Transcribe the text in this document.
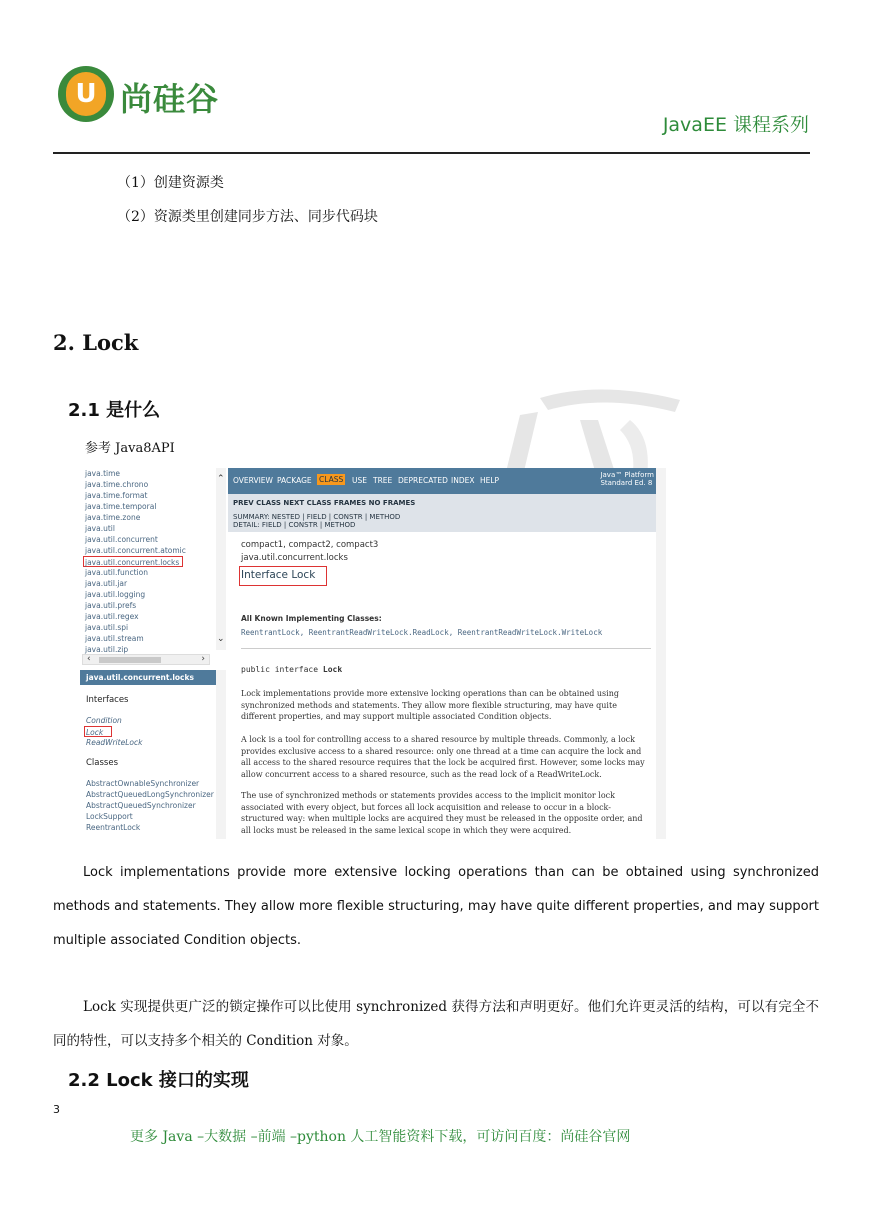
U 尚硅谷
JavaEE 课程系列
（1）创建资源类
（2）资源类里创建同步方法、同步代码块
2. Lock
2.1 是什么
参考 Java8API
java.time
java.time.chrono
java.time.format
java.time.temporal
java.time.zone
java.util
java.util.concurrent
java.util.concurrent.atomic
java.util.concurrent.locks
java.util.function
java.util.jar
java.util.logging
java.util.prefs
java.util.regex
java.util.spi
java.util.stream
java.util.zip
⌃
⌄
‹	›
java.util.concurrent.locks
Interfaces
Condition
Lock
ReadWriteLock
Classes
AbstractOwnableSynchronizer
AbstractQueuedLongSynchronizer
AbstractQueuedSynchronizer
LockSupport
ReentrantLock
OVERVIEW PACKAGE CLASS USE TREE DEPRECATED INDEX HELP
Java™ Platform
Standard Ed. 8
PREV CLASS NEXT CLASS FRAMES NO FRAMES
SUMMARY: NESTED | FIELD | CONSTR | METHOD
DETAIL: FIELD | CONSTR | METHOD
compact1, compact2, compact3
java.util.concurrent.locks
Interface Lock
All Known Implementing Classes:
ReentrantLock, ReentrantReadWriteLock.ReadLock, ReentrantReadWriteLock.WriteLock
public interface Lock
Lock implementations provide more extensive locking operations than can be obtained using synchronized methods and statements. They allow more flexible structuring, may have quite different properties, and may support multiple associated Condition objects.
A lock is a tool for controlling access to a shared resource by multiple threads. Commonly, a lock provides exclusive access to a shared resource: only one thread at a time can acquire the lock and all access to the shared resource requires that the lock be acquired first. However, some locks may allow concurrent access to a shared resource, such as the read lock of a ReadWriteLock.
The use of synchronized methods or statements provides access to the implicit monitor lock associated with every object, but forces all lock acquisition and release to occur in a block-structured way: when multiple locks are acquired they must be released in the opposite order, and all locks must be released in the same lexical scope in which they were acquired.
Lock implementations provide more extensive locking operations than can be obtained using synchronized methods and statements. They allow more flexible structuring, may have quite different properties, and may support multiple associated Condition objects.
Lock 实现提供更广泛的锁定操作可以比使用 synchronized 获得方法和声明更好。他们允许更灵活的结构，可以有完全不同的特性，可以支持多个相关的 Condition 对象。
2.2 Lock 接口的实现
3
更多 Java –大数据 –前端 –python 人工智能资料下载，可访问百度：尚硅谷官网
